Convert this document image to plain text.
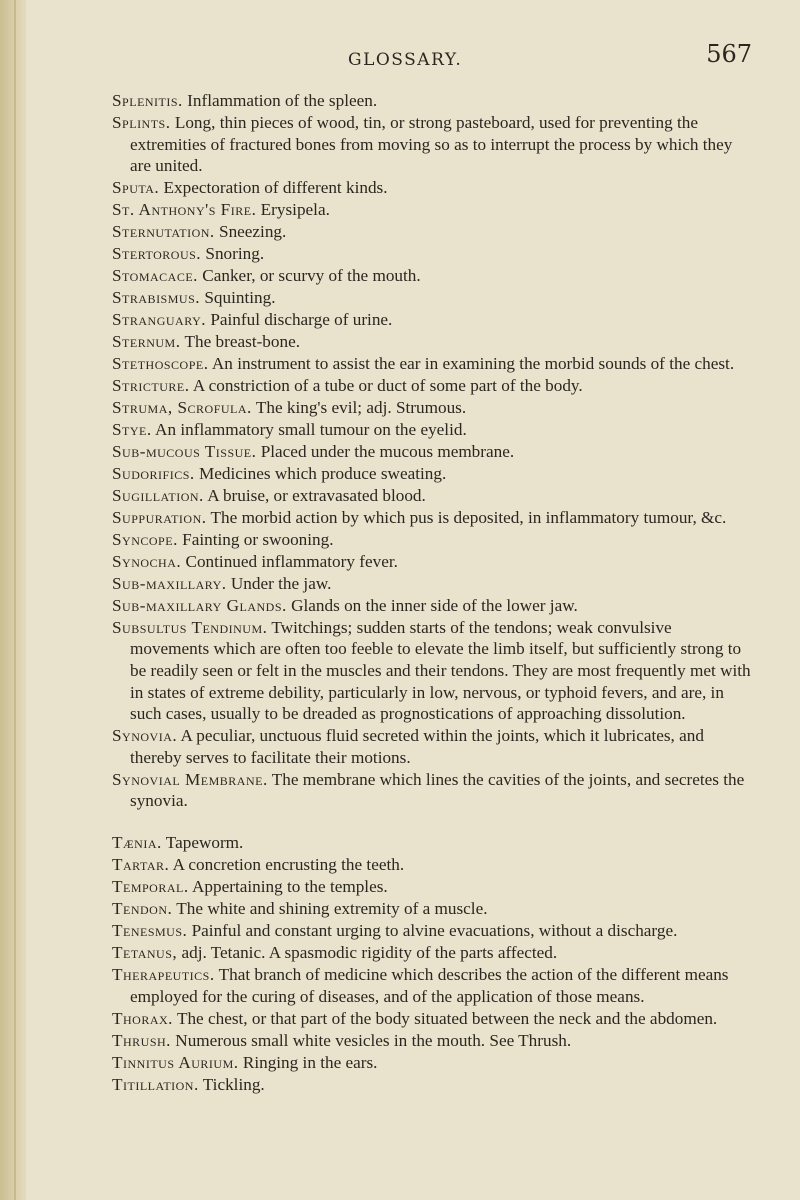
GLOSSARY.	567

Splenitis. Inflammation of the spleen.

Splints. Long, thin pieces of wood, tin, or strong pasteboard, used for preventing the extremities of fractured bones from moving so as to interrupt the process by which they are united.

Sputa. Expectoration of different kinds.

St. Anthony's Fire. Erysipela.

Sternutation. Sneezing.

Stertorous. Snoring.

Stomacace. Canker, or scurvy of the mouth.

Strabismus. Squinting.

Stranguary. Painful discharge of urine.

Sternum. The breast-bone.

Stethoscope. An instrument to assist the ear in examining the morbid sounds of the chest.

Stricture. A constriction of a tube or duct of some part of the body.

Struma, Scrofula. The king's evil; adj. Strumous.

Stye. An inflammatory small tumour on the eyelid.

Sub-mucous Tissue. Placed under the mucous membrane.

Sudorifics. Medicines which produce sweating.

Sugillation. A bruise, or extravasated blood.

Suppuration. The morbid action by which pus is deposited, in inflammatory tumour, &c.

Syncope. Fainting or swooning.

Synocha. Continued inflammatory fever.

Sub-maxillary. Under the jaw.

Sub-maxillary Glands. Glands on the inner side of the lower jaw.

Subsultus Tendinum. Twitchings; sudden starts of the tendons; weak convulsive movements which are often too feeble to elevate the limb itself, but sufficiently strong to be readily seen or felt in the muscles and their tendons. They are most frequently met with in states of extreme debility, particularly in low, nervous, or typhoid fevers, and are, in such cases, usually to be dreaded as prognostications of approaching dissolution.

Synovia. A peculiar, unctuous fluid secreted within the joints, which it lubricates, and thereby serves to facilitate their motions.

Synovial Membrane. The membrane which lines the cavities of the joints, and secretes the synovia.

Tænia. Tapeworm.

Tartar. A concretion encrusting the teeth.

Temporal. Appertaining to the temples.

Tendon. The white and shining extremity of a muscle.

Tenesmus. Painful and constant urging to alvine evacuations, without a discharge.

Tetanus, adj. Tetanic. A spasmodic rigidity of the parts affected.

Therapeutics. That branch of medicine which describes the action of the different means employed for the curing of diseases, and of the application of those means.

Thorax. The chest, or that part of the body situated between the neck and the abdomen.

Thrush. Numerous small white vesicles in the mouth. See Thrush.

Tinnitus Aurium. Ringing in the ears.

Titillation. Tickling.
